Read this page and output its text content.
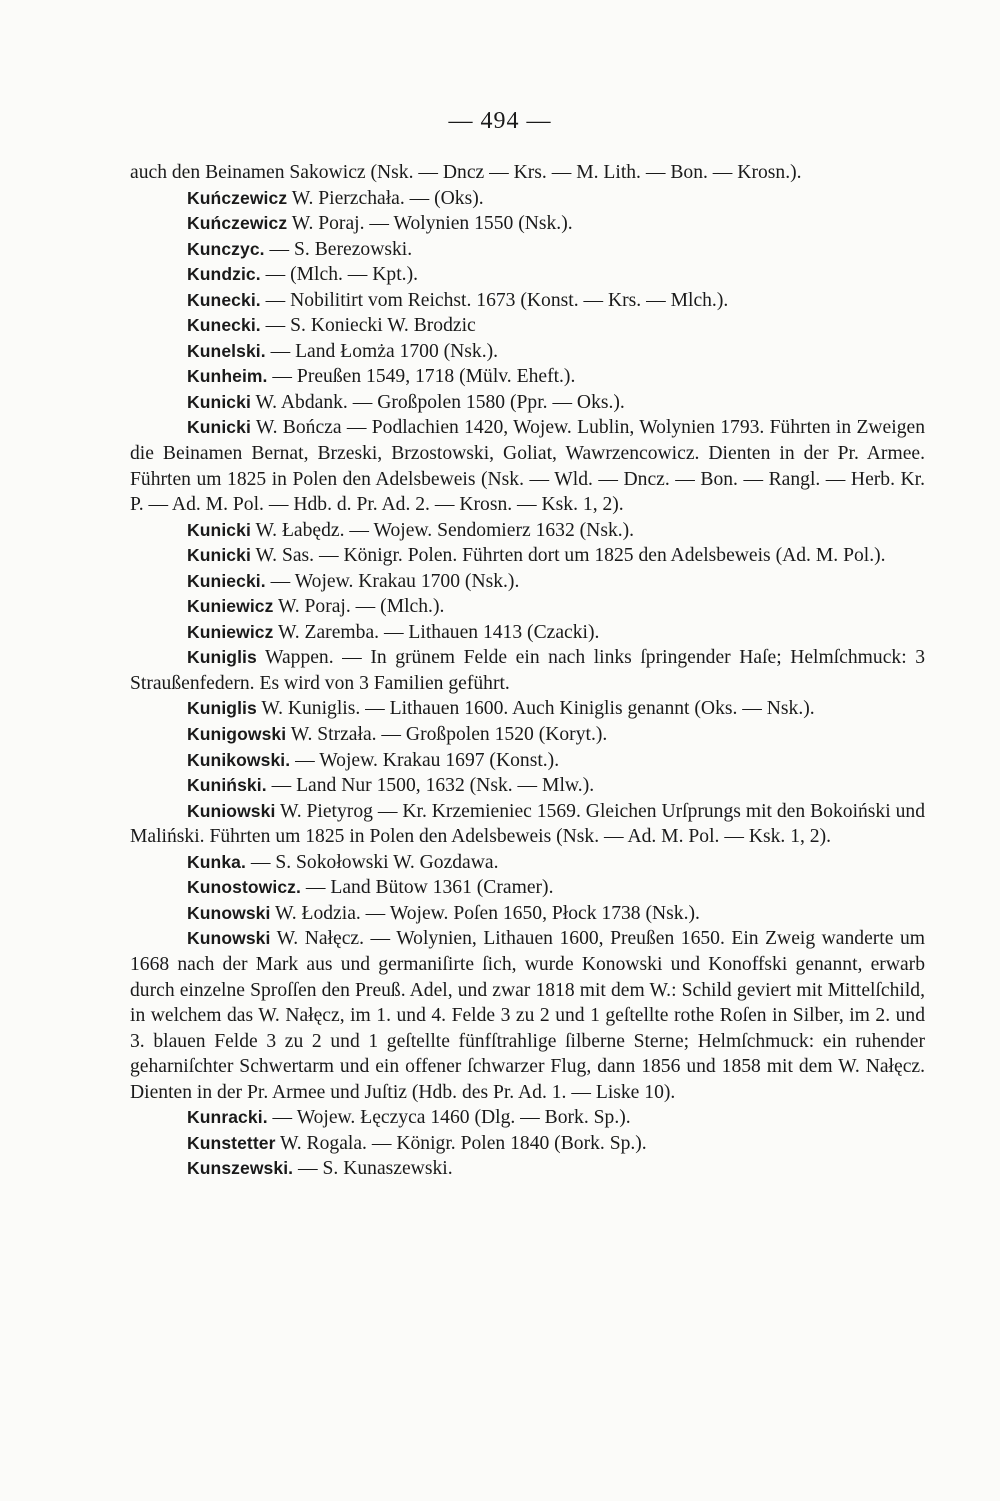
— 494 —

auch den Beinamen Sakowicz (Nsk. — Dncz — Krs. — M. Lith. — Bon. — Krosn.).

Kuńczewicz W. Pierzchała. — (Oks).

Kuńczewicz W. Poraj. — Wolynien 1550 (Nsk.).

Kunczyc. — S. Berezowski.

Kundzic. — (Mlch. — Kpt.).

Kunecki. — Nobilitirt vom Reichst. 1673 (Konst. — Krs. — Mlch.).

Kunecki. — S. Koniecki W. Brodzic

Kunelski. — Land Łomża 1700 (Nsk.).

Kunheim. — Preußen 1549, 1718 (Mülv. Eheft.).

Kunicki W. Abdank. — Großpolen 1580 (Ppr. — Oks.).

Kunicki W. Bończa — Podlachien 1420, Wojew. Lublin, Wolynien 1793. Führten in Zweigen die Beinamen Bernat, Brzeski, Brzostowski, Goliat, Wawrzencowicz. Dienten in der Pr. Armee. Führten um 1825 in Polen den Adelsbeweis (Nsk. — Wld. — Dncz. — Bon. — Rangl. — Herb. Kr. P. — Ad. M. Pol. — Hdb. d. Pr. Ad. 2. — Krosn. — Ksk. 1, 2).

Kunicki W. Łabędz. — Wojew. Sendomierz 1632 (Nsk.).

Kunicki W. Sas. — Königr. Polen. Führten dort um 1825 den Adelsbeweis (Ad. M. Pol.).

Kuniecki. — Wojew. Krakau 1700 (Nsk.).

Kuniewicz W. Poraj. — (Mlch.).

Kuniewicz W. Zaremba. — Lithauen 1413 (Czacki).

Kuniglis Wappen. — In grünem Felde ein nach links ſpringender Haſe; Helmſchmuck: 3 Straußenfedern. Es wird von 3 Familien geführt.

Kuniglis W. Kuniglis. — Lithauen 1600. Auch Kiniglis genannt (Oks. — Nsk.).

Kunigowski W. Strzała. — Großpolen 1520 (Koryt.).

Kunikowski. — Wojew. Krakau 1697 (Konst.).

Kuniński. — Land Nur 1500, 1632 (Nsk. — Mlw.).

Kuniowski W. Pietyrog — Kr. Krzemieniec 1569. Gleichen Urſprungs mit den Bokoiński und Maliński. Führten um 1825 in Polen den Adelsbeweis (Nsk. — Ad. M. Pol. — Ksk. 1, 2).

Kunka. — S. Sokołowski W. Gozdawa.

Kunostowicz. — Land Bütow 1361 (Cramer).

Kunowski W. Łodzia. — Wojew. Poſen 1650, Płock 1738 (Nsk.).

Kunowski W. Nałęcz. — Wolynien, Lithauen 1600, Preußen 1650. Ein Zweig wanderte um 1668 nach der Mark aus und germaniſirte ſich, wurde Konowski und Konoffski genannt, erwarb durch einzelne Sproſſen den Preuß. Adel, und zwar 1818 mit dem W.: Schild geviert mit Mittelſchild, in welchem das W. Nałęcz, im 1. und 4. Felde 3 zu 2 und 1 geſtellte rothe Roſen in Silber, im 2. und 3. blauen Felde 3 zu 2 und 1 geſtellte fünfſtrahlige ſilberne Sterne; Helmſchmuck: ein ruhender geharniſchter Schwertarm und ein offener ſchwarzer Flug, dann 1856 und 1858 mit dem W. Nałęcz. Dienten in der Pr. Armee und Juſtiz (Hdb. des Pr. Ad. 1. — Liske 10).

Kunracki. — Wojew. Łęczyca 1460 (Dlg. — Bork. Sp.).

Kunstetter W. Rogala. — Königr. Polen 1840 (Bork. Sp.).

Kunszewski. — S. Kunaszewski.
